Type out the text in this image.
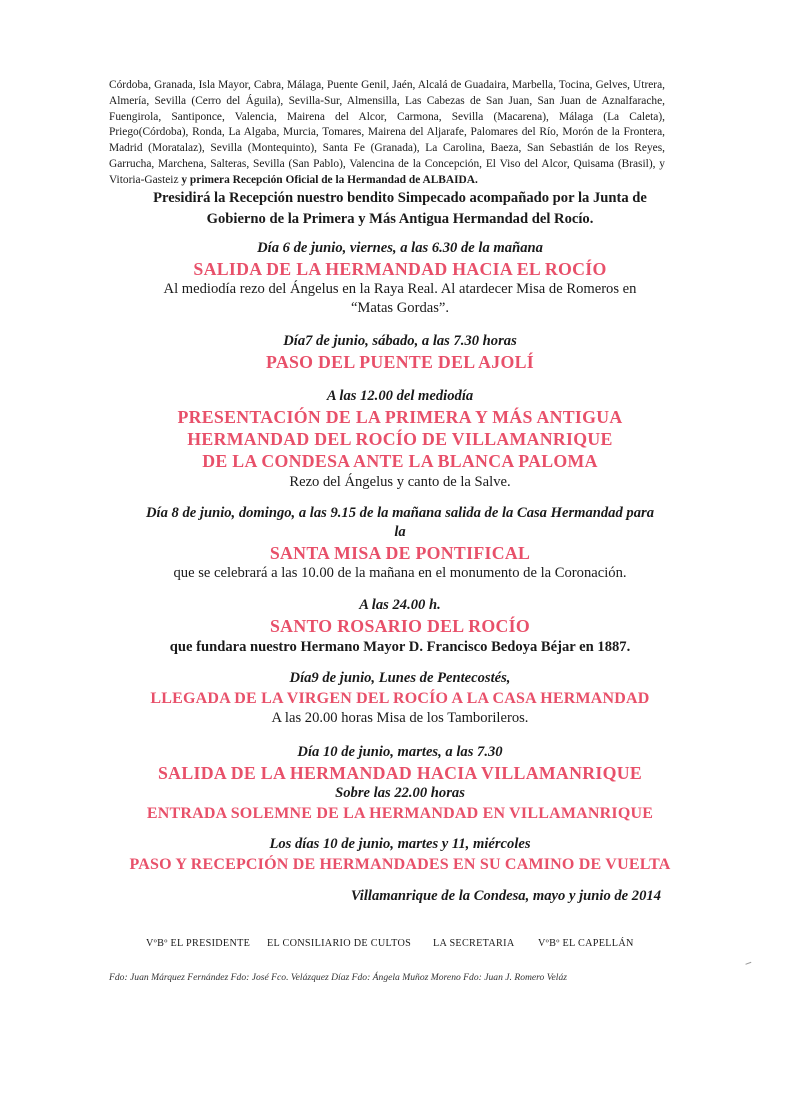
Córdoba, Granada, Isla Mayor, Cabra, Málaga, Puente Genil, Jaén, Alcalá de Guadaira, Marbella, Tocina, Gelves, Utrera, Almería, Sevilla (Cerro del Águila), Sevilla-Sur, Almensilla, Las Cabezas de San Juan, San Juan de Aznalfarache, Fuengirola, Santiponce, Valencia, Mairena del Alcor, Carmona, Sevilla (Macarena), Málaga (La Caleta), Priego(Córdoba), Ronda, La Algaba, Murcia, Tomares, Mairena del Aljarafe, Palomares del Río, Morón de la Frontera, Madrid (Moratalaz), Sevilla (Montequinto), Santa Fe (Granada), La Carolina, Baeza, San Sebastián de los Reyes, Garrucha, Marchena, Salteras, Sevilla (San Pablo), Valencina de la Concepción, El Viso del Alcor, Quisama (Brasil), y Vitoria-Gasteiz y primera Recepción Oficial de la Hermandad de ALBAIDA.
Presidirá la Recepción nuestro bendito Simpecado acompañado por la Junta de
Gobierno de la Primera y Más Antigua Hermandad del Rocío.
Día 6 de junio, viernes, a las 6.30 de la mañana
SALIDA DE LA HERMANDAD HACIA EL ROCÍO
Al mediodía rezo del Ángelus en la Raya Real. Al atardecer Misa de Romeros en
“Matas Gordas”.
Día7 de junio, sábado, a las 7.30 horas
PASO DEL PUENTE DEL AJOLÍ
A las 12.00 del mediodía
PRESENTACIÓN DE LA PRIMERA Y MÁS ANTIGUA
HERMANDAD DEL ROCÍO DE VILLAMANRIQUE
DE LA CONDESA ANTE LA BLANCA PALOMA
Rezo del Ángelus y canto de la Salve.
Día 8 de junio, domingo, a las 9.15 de la mañana salida de la Casa Hermandad para
la
SANTA MISA DE PONTIFICAL
que se celebrará a las 10.00 de la mañana en el monumento de la Coronación.
A las 24.00 h.
SANTO ROSARIO DEL ROCÍO
que fundara nuestro Hermano Mayor D. Francisco Bedoya Béjar en 1887.
Día9 de junio, Lunes de Pentecostés,
LLEGADA DE LA VIRGEN DEL ROCÍO A LA CASA HERMANDAD
A las 20.00 horas Misa de los Tamborileros.
Día 10 de junio, martes, a las 7.30
SALIDA DE LA HERMANDAD HACIA VILLAMANRIQUE
Sobre las 22.00 horas
ENTRADA SOLEMNE DE LA HERMANDAD EN VILLAMANRIQUE
Los días 10 de junio, martes y 11, miércoles
PASO Y RECEPCIÓN DE HERMANDADES EN SU CAMINO DE VUELTA
Villamanrique de la Condesa, mayo y junio de 2014
VºBº EL PRESIDENTE EL CONSILIARIO DE CULTOS LA SECRETARIA VºBº EL CAPELLÁN
Fdo: Juan Márquez Fernández Fdo: José Fco. Velázquez Díaz Fdo: Ángela Muñoz Moreno Fdo: Juan J. Romero Veláz
